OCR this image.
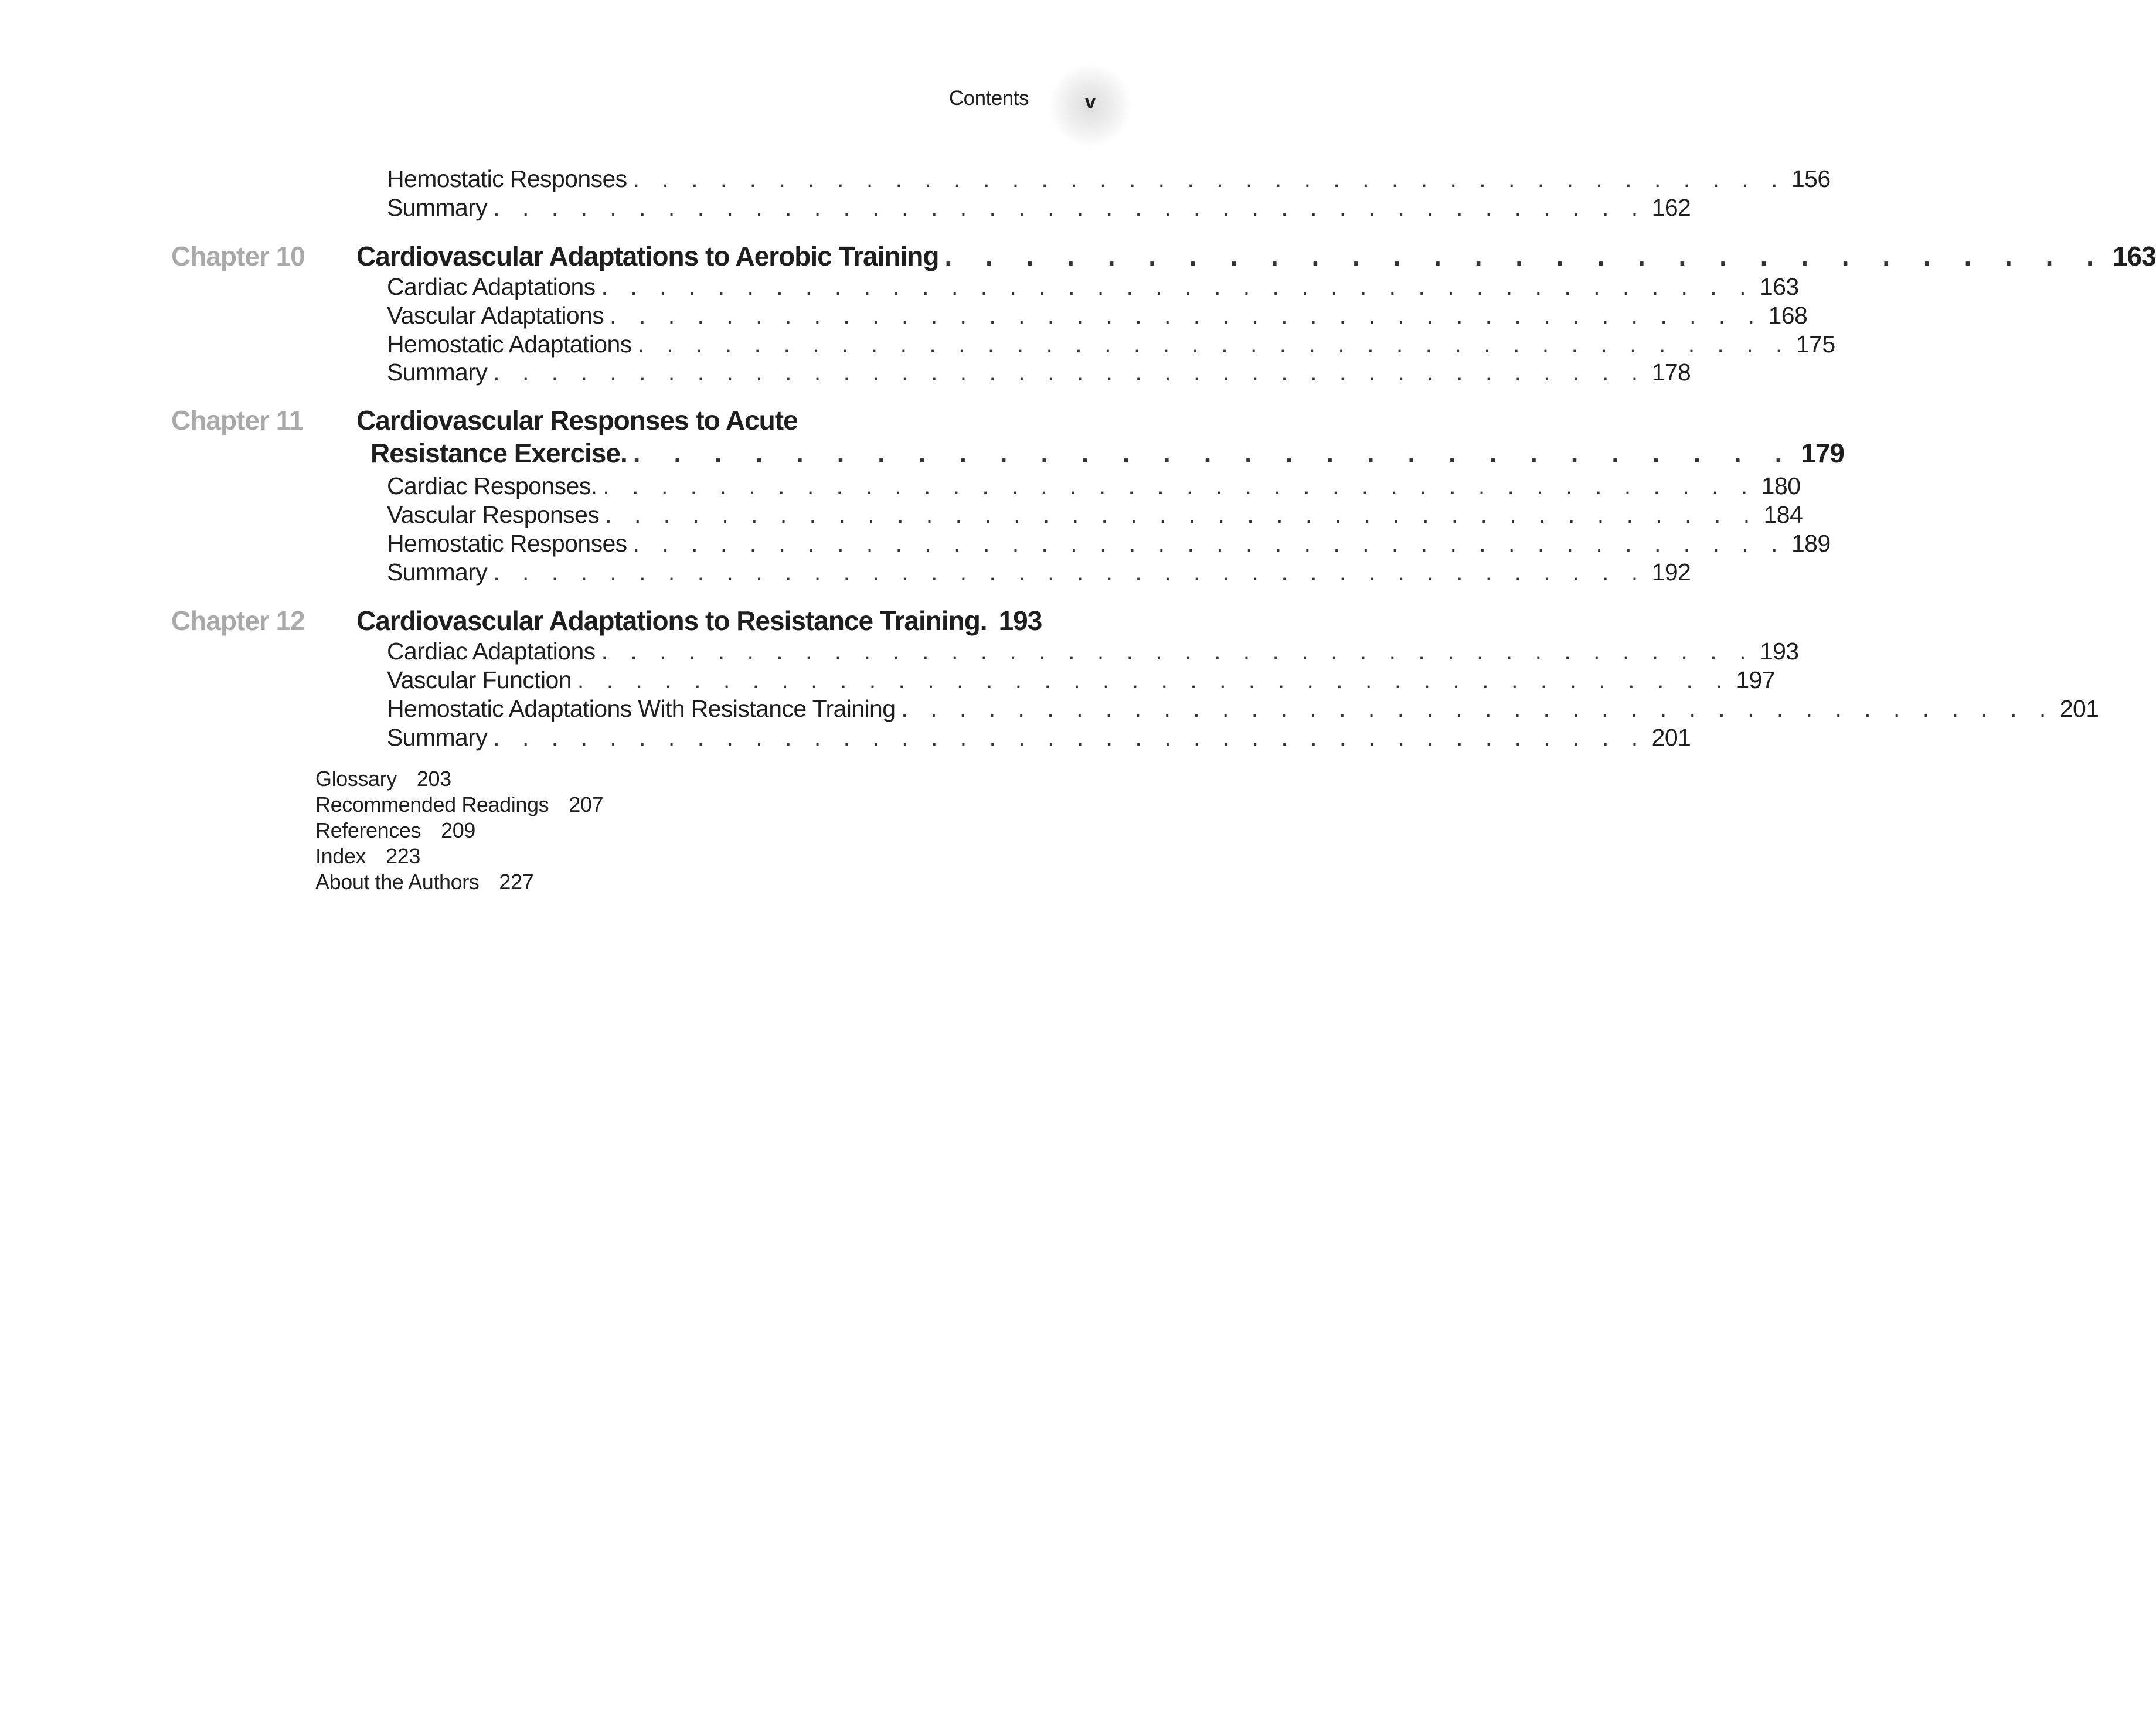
Contents	v
Hemostatic Responses . . . . . . . . . . . . . . . . . . . . . . . . . . . . . . . . . . . . . . . . 156
Summary . . . . . . . . . . . . . . . . . . . . . . . . . . . . . . . . . . . . . . . . 162
Chapter 10 Cardiovascular Adaptations to Aerobic Training . . . . . . . . . . . . . . . . . . . . . . . . . . . . . 163
Cardiac Adaptations . . . . . . . . . . . . . . . . . . . . . . . . . . . . . . . . . . . . . . . . 163
Vascular Adaptations . . . . . . . . . . . . . . . . . . . . . . . . . . . . . . . . . . . . . . . . 168
Hemostatic Adaptations . . . . . . . . . . . . . . . . . . . . . . . . . . . . . . . . . . . . . . . . 175
Summary . . . . . . . . . . . . . . . . . . . . . . . . . . . . . . . . . . . . . . . . 178
Chapter 11 Cardiovascular Responses to Acute
Resistance Exercise. . . . . . . . . . . . . . . . . . . . . . . . . . . . . . 179
Cardiac Responses. . . . . . . . . . . . . . . . . . . . . . . . . . . . . . . . . . . . . . . . . 180
Vascular Responses . . . . . . . . . . . . . . . . . . . . . . . . . . . . . . . . . . . . . . . . 184
Hemostatic Responses . . . . . . . . . . . . . . . . . . . . . . . . . . . . . . . . . . . . . . . . 189
Summary . . . . . . . . . . . . . . . . . . . . . . . . . . . . . . . . . . . . . . . . 192
Chapter 12 Cardiovascular Adaptations to Resistance Training. 193
Cardiac Adaptations . . . . . . . . . . . . . . . . . . . . . . . . . . . . . . . . . . . . . . . . 193
Vascular Function . . . . . . . . . . . . . . . . . . . . . . . . . . . . . . . . . . . . . . . . 197
Hemostatic Adaptations With Resistance Training . . . . . . . . . . . . . . . . . . . . . . . . . . . . . . . . . . . . . . . . 201
Summary . . . . . . . . . . . . . . . . . . . . . . . . . . . . . . . . . . . . . . . . 201
Glossary 203
Recommended Readings 207
References 209
Index 223
About the Authors 227
